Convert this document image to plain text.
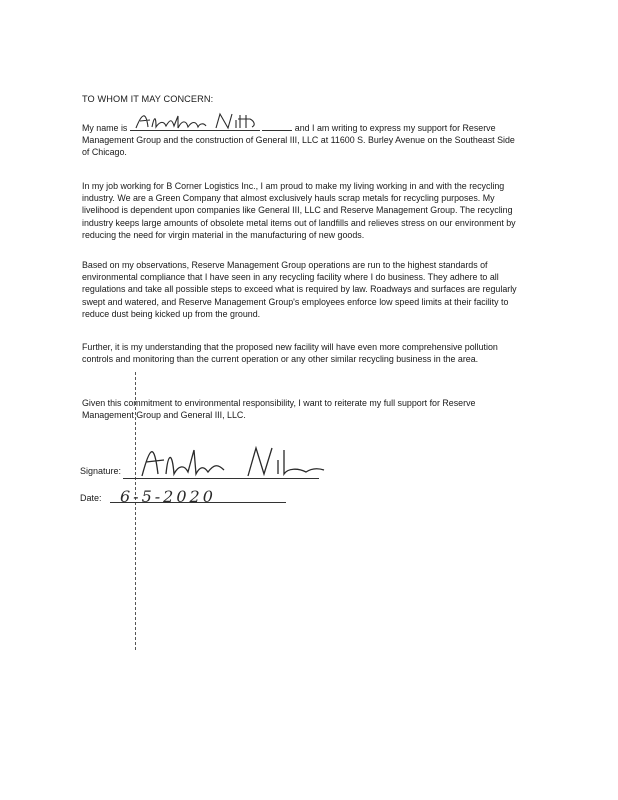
TO WHOM IT MAY CONCERN:

My name is	and I am writing to express my support for Reserve Management Group and the construction of General III, LLC at 11600 S. Burley Avenue on the Southeast Side of Chicago.

In my job working for B Corner Logistics Inc., I am proud to make my living working in and with the recycling industry. We are a Green Company that almost exclusively hauls scrap metals for recycling purposes. My livelihood is dependent upon companies like General III, LLC and Reserve Management Group. The recycling industry keeps large amounts of obsolete metal items out of landfills and relieves stress on our environment by reducing the need for virgin material in the manufacturing of new goods.

Based on my observations, Reserve Management Group operations are run to the highest standards of environmental compliance that I have seen in any recycling facility where I do business. They adhere to all regulations and take all possible steps to exceed what is required by law. Roadways and surfaces are regularly swept and watered, and Reserve Management Group's employees enforce low speed limits at their facility to reduce dust being kicked up from the ground.

Further, it is my understanding that the proposed new facility will have even more comprehensive pollution controls and monitoring than the current operation or any other similar recycling business in the area.

Given this commitment to environmental responsibility, I want to reiterate my full support for Reserve Management Group and General III, LLC.

Signature:
Date: 6-5-2020
